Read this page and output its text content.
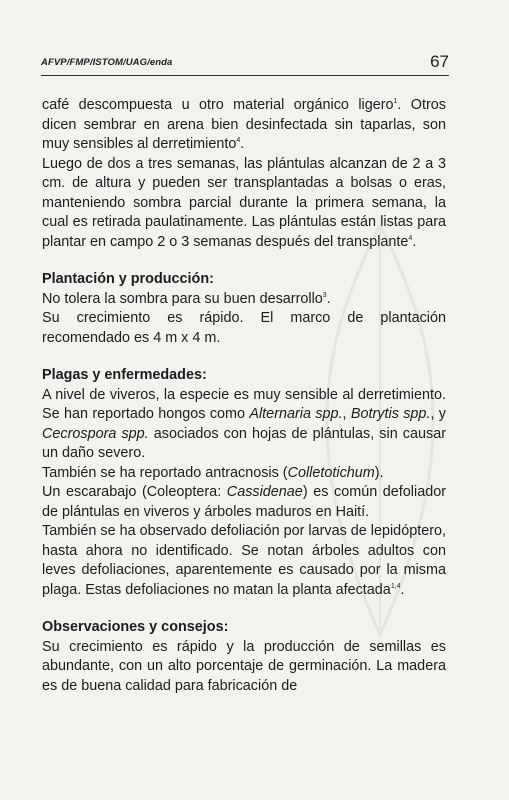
AFVP/FMP/ISTOM/UAG/enda	67

café descompuesta u otro material orgánico ligero$^1$. Otros dicen sembrar en arena bien desinfectada sin taparlas, son muy sensibles al derretimiento$^4$.

Luego de dos a tres semanas, las plántulas alcanzan de 2 a 3 cm. de altura y pueden ser transplantadas a bolsas o eras, manteniendo sombra parcial durante la primera semana, la cual es retirada paulatinamente. Las plántulas están listas para plantar en campo 2 o 3 semanas después del transplante$^4$.

Plantación y producción:

No tolera la sombra para su buen desarrollo$^3$.

Su crecimiento es rápido. El marco de plantación recomendado es 4 m x 4 m.

Plagas y enfermedades:

A nivel de viveros, la especie es muy sensible al derretimiento. Se han reportado hongos como Alternaria spp., Botrytis spp., y Cecrospora spp. asociados con hojas de plántulas, sin causar un daño severo.

También se ha reportado antracnosis (Colletotichum).

Un escarabajo (Coleoptera: Cassidenae) es común defoliador de plántulas en viveros y árboles maduros en Haití.

También se ha observado defoliación por larvas de lepidóptero, hasta ahora no identificado. Se notan árboles adultos con leves defoliaciones, aparentemente es causado por la misma plaga. Estas defoliaciones no matan la planta afectada$^{1,4}$.

Observaciones y consejos:

Su crecimiento es rápido y la producción de semillas es abundante, con un alto porcentaje de germinación. La madera es de buena calidad para fabricación de
